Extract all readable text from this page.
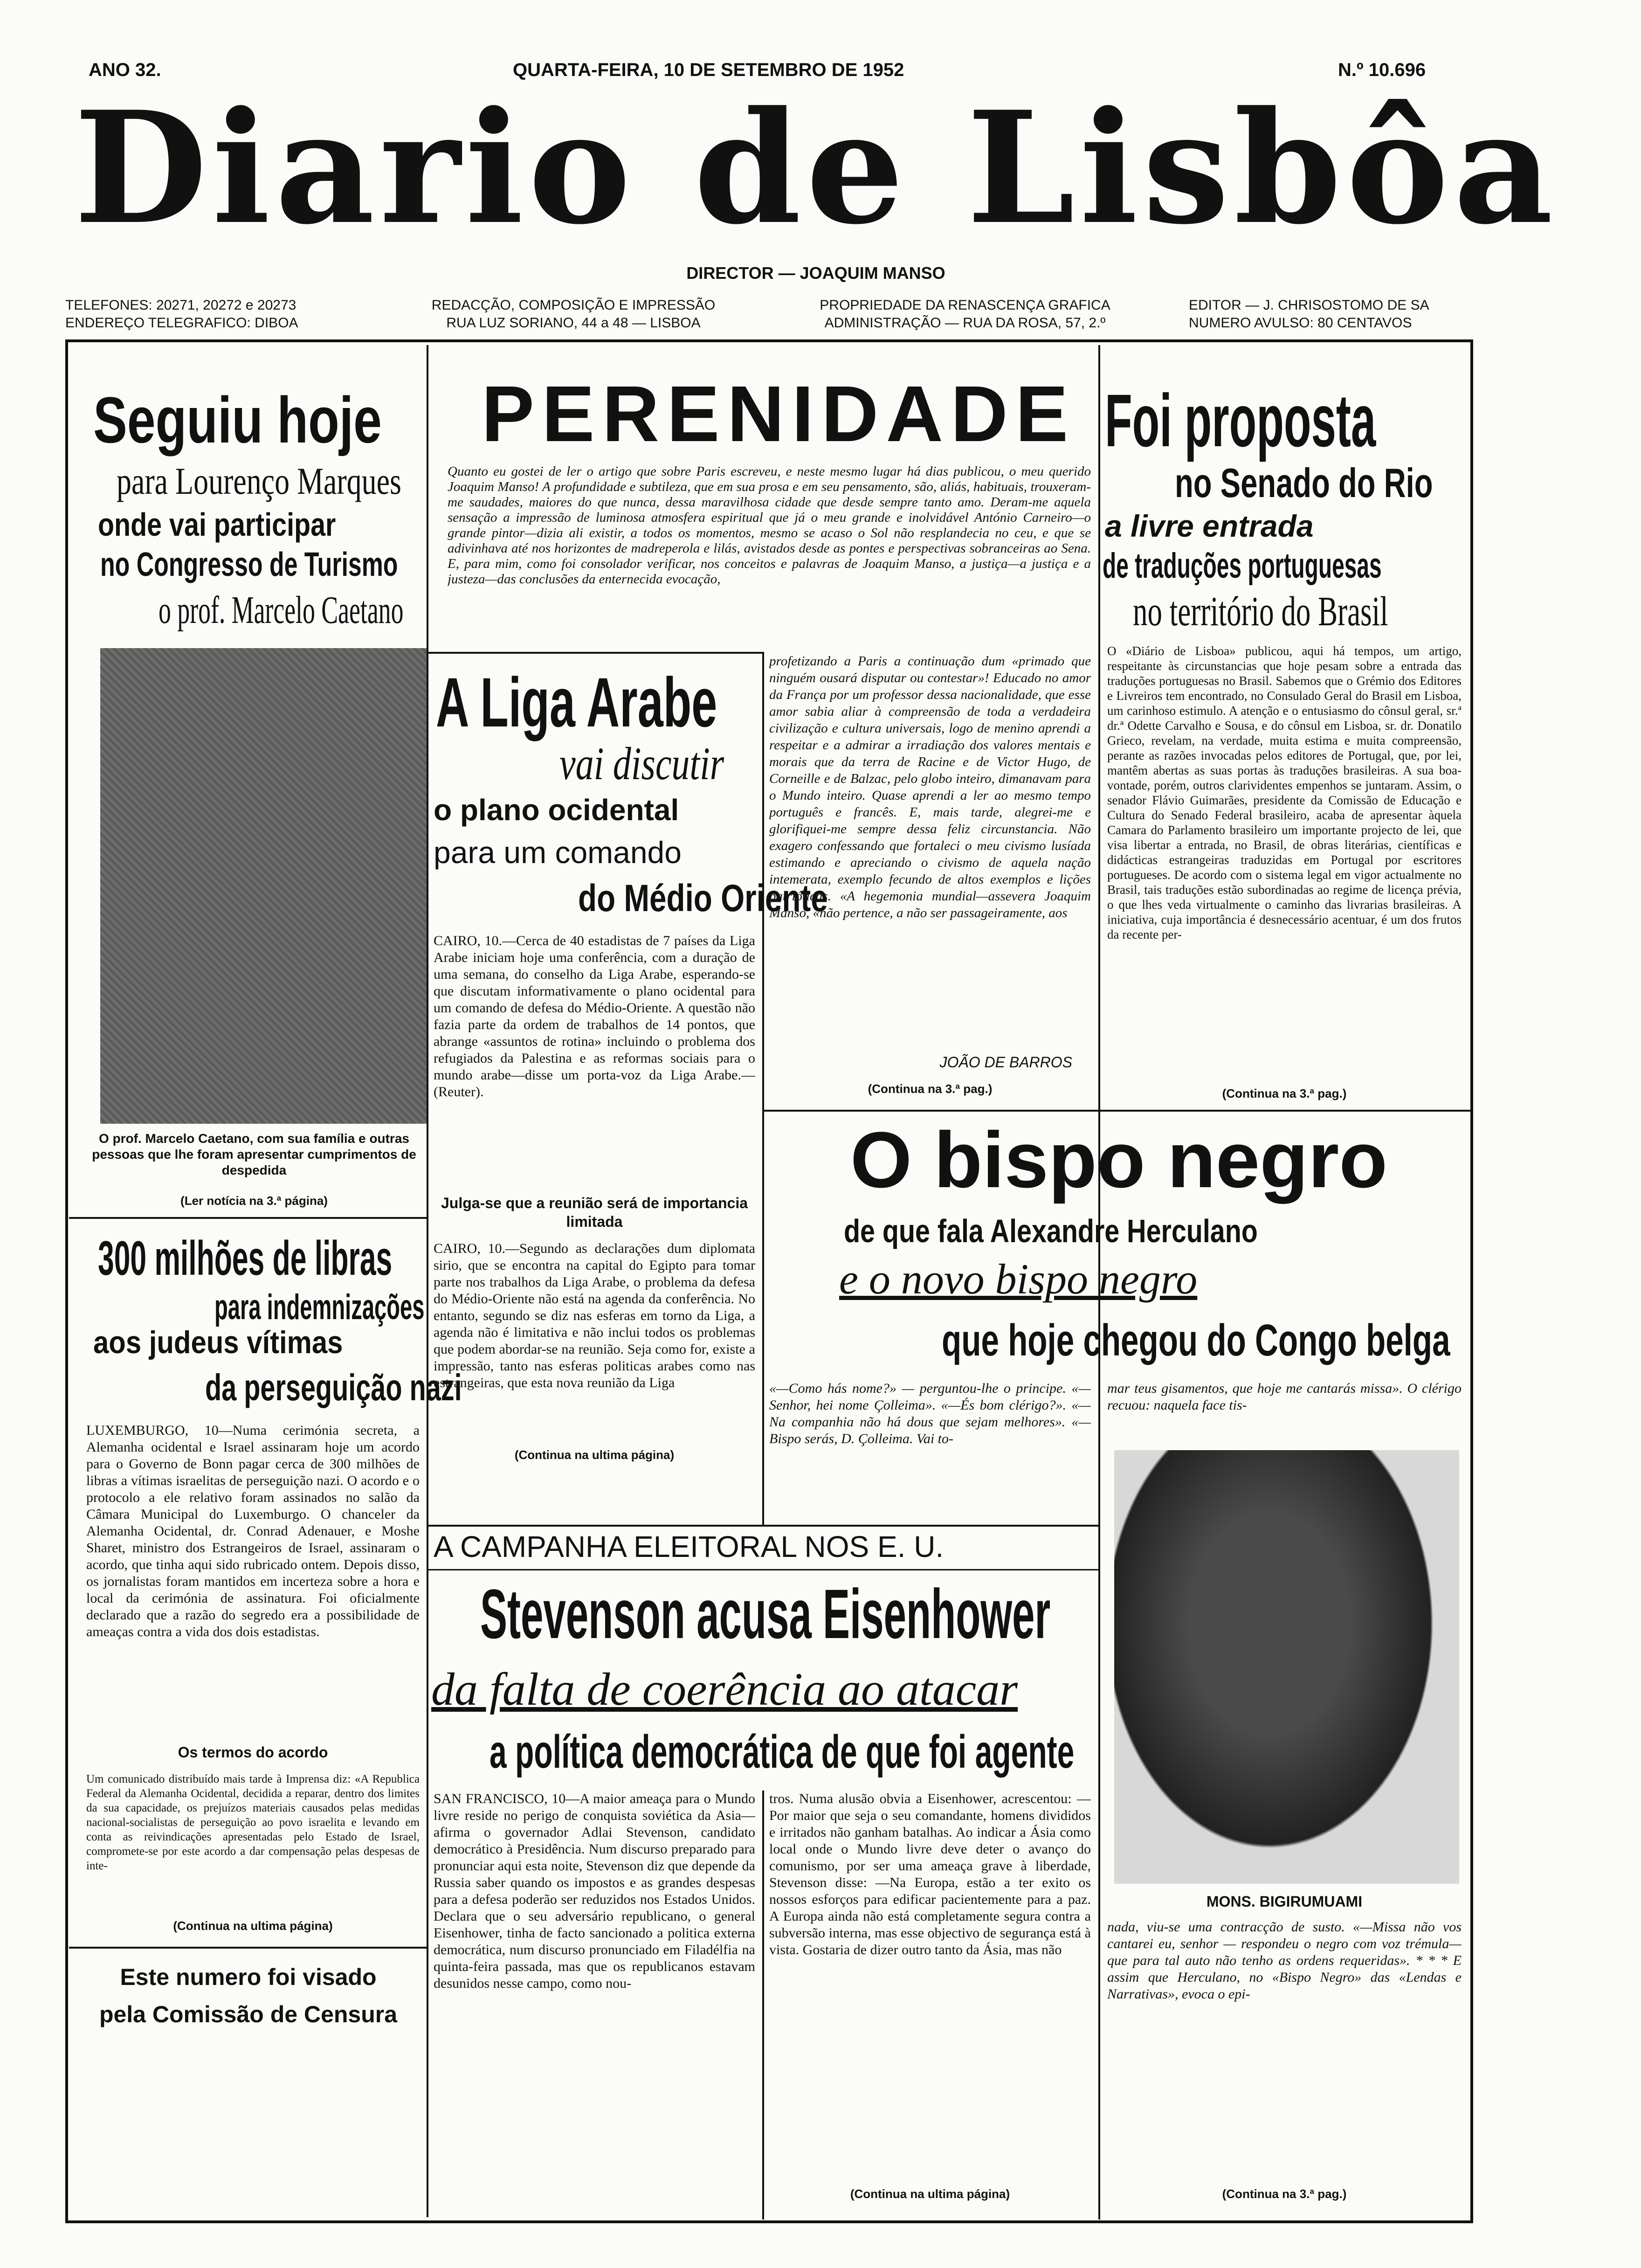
ANO 32.	QUARTA-FEIRA, 10 DE SETEMBRO DE 1952	N.º 10.696
Diario de Lisbôa
DIRECTOR — JOAQUIM MANSO
TELEFONES: 20271, 20272 e 20273
ENDEREÇO TELEGRAFICO: DIBOA
REDACÇÃO, COMPOSIÇÃO E IMPRESSÃO
RUA LUZ SORIANO, 44 a 48 — LISBOA
PROPRIEDADE DA RENASCENÇA GRAFICA
ADMINISTRAÇÃO — RUA DA ROSA, 57, 2.º
EDITOR — J. CHRISOSTOMO DE SA
NUMERO AVULSO: 80 CENTAVOS
Seguiu hoje
para Lourenço Marques
onde vai participar
no Congresso de Turismo
o prof. Marcelo Caetano
O prof. Marcelo Caetano, com sua família e outras pessoas que lhe foram apresentar cumprimentos de despedida
(Ler notícia na 3.ª página)
300 milhões de libras
para indemnizações
aos judeus vítimas
da perseguição nazi
LUXEMBURGO, 10—Numa cerimónia secreta, a Alemanha ocidental e Israel assinaram hoje um acordo para o Governo de Bonn pagar cerca de 300 milhões de libras a vítimas israelitas de perseguição nazi. O acordo e o protocolo a ele relativo foram assinados no salão da Câmara Municipal do Luxemburgo. O chanceler da Alemanha Ocidental, dr. Conrad Adenauer, e Moshe Sharet, ministro dos Estrangeiros de Israel, assinaram o acordo, que tinha aqui sido rubricado ontem. Depois disso, os jornalistas foram mantidos em incerteza sobre a hora e local da cerimónia de assinatura. Foi oficialmente declarado que a razão do segredo era a possibilidade de ameaças contra a vida dos dois estadistas.
Os termos do acordo
Um comunicado distribuído mais tarde à Imprensa diz: «A Republica Federal da Alemanha Ocidental, decidida a reparar, dentro dos limites da sua capacidade, os prejuízos materiais causados pelas medidas nacional-socialistas de perseguição ao povo israelita e levando em conta as reivindicações apresentadas pelo Estado de Israel, compromete-se por este acordo a dar compensação pelas despesas de inte-
(Continua na ultima página)
Este numero foi visado
pela Comissão de Censura
PERENIDADE
Quanto eu gostei de ler o artigo que sobre Paris escreveu, e neste mesmo lugar há dias publicou, o meu querido Joaquim Manso! A profundidade e subtileza, que em sua prosa e em seu pensamento, são, aliás, habituais, trouxeram-me saudades, maiores do que nunca, dessa maravilhosa cidade que desde sempre tanto amo. Deram-me aquela sensação a impressão de luminosa atmosfera espiritual que já o meu grande e inolvidável António Carneiro—o grande pintor—dizia ali existir, a todos os momentos, mesmo se acaso o Sol não resplandecia no ceu, e que se adivinhava até nos horizontes de madreperola e lilás, avistados desde as pontes e perspectivas sobranceiras ao Sena. E, para mim, como foi consolador verificar, nos conceitos e palavras de Joaquim Manso, a justiça—a justiça e a justeza—das conclusões da enternecida evocação,
profetizando a Paris a continuação dum «primado que ninguém ousará disputar ou contestar»! Educado no amor da França por um professor dessa nacionalidade, que esse amor sabia aliar à compreensão de toda a verdadeira civilização e cultura universais, logo de menino aprendi a respeitar e a admirar a irradiação dos valores mentais e morais que da terra de Racine e de Victor Hugo, de Corneille e de Balzac, pelo globo inteiro, dimanavam para o Mundo inteiro. Quase aprendi a ler ao mesmo tempo português e francês. E, mais tarde, alegrei-me e glorifiquei-me sempre dessa feliz circunstancia. Não exagero confessando que fortaleci o meu civismo lusíada estimando e apreciando o civismo de aquela nação intemerata, exemplo fecundo de altos exemplos e lições patrióticas. «A hegemonia mundial—assevera Joaquim Manso, «não pertence, a não ser passageiramente, aos
JOÃO DE BARROS
(Continua na 3.ª pag.)
A Liga Arabe
vai discutir
o plano ocidental
para um comando
do Médio Oriente
CAIRO, 10.—Cerca de 40 estadistas de 7 países da Liga Arabe iniciam hoje uma conferência, com a duração de uma semana, do conselho da Liga Arabe, esperando-se que discutam informativamente o plano ocidental para um comando de defesa do Médio-Oriente. A questão não fazia parte da ordem de trabalhos de 14 pontos, que abrange «assuntos de rotina» incluindo o problema dos refugiados da Palestina e as reformas sociais para o mundo arabe—disse um porta-voz da Liga Arabe.—(Reuter).
Julga-se que a reunião será de importancia limitada
CAIRO, 10.—Segundo as declarações dum diplomata sirio, que se encontra na capital do Egipto para tomar parte nos trabalhos da Liga Arabe, o problema da defesa do Médio-Oriente não está na agenda da conferência. No entanto, segundo se diz nas esferas em torno da Liga, a agenda não é limitativa e não inclui todos os problemas que podem abordar-se na reunião. Seja como for, existe a impressão, tanto nas esferas politicas arabes como nas estrangeiras, que esta nova reunião da Liga
(Continua na ultima página)
Foi proposta
no Senado do Rio
a livre entrada
de traduções portuguesas
no território do Brasil
O «Diário de Lisboa» publicou, aqui há tempos, um artigo, respeitante às circunstancias que hoje pesam sobre a entrada das traduções portuguesas no Brasil. Sabemos que o Grémio dos Editores e Livreiros tem encontrado, no Consulado Geral do Brasil em Lisboa, um carinhoso estimulo. A atenção e o entusiasmo do cônsul geral, sr.ª dr.ª Odette Carvalho e Sousa, e do cônsul em Lisboa, sr. dr. Donatilo Grieco, revelam, na verdade, muita estima e muita compreensão, perante as razões invocadas pelos editores de Portugal, que, por lei, mantêm abertas as suas portas às traduções brasileiras. A sua boa-vontade, porém, outros clarividentes empenhos se juntaram. Assim, o senador Flávio Guimarães, presidente da Comissão de Educação e Cultura do Senado Federal brasileiro, acaba de apresentar àquela Camara do Parlamento brasileiro um importante projecto de lei, que visa libertar a entrada, no Brasil, de obras literárias, científicas e didácticas estrangeiras traduzidas em Portugal por escritores portugueses. De acordo com o sistema legal em vigor actualmente no Brasil, tais traduções estão subordinadas ao regime de licença prévia, o que lhes veda virtualmente o caminho das livrarias brasileiras. A iniciativa, cuja importância é desnecessário acentuar, é um dos frutos da recente per-
(Continua na 3.ª pag.)
O bispo negro
de que fala Alexandre Herculano
e o novo bispo negro
que hoje chegou do Congo belga
«—Como hás nome?» — perguntou-lhe o principe. «—Senhor, hei nome Çolleima». «—És bom clérigo?». «—Na companhia não há dous que sejam melhores». «—Bispo serás, D. Çolleima. Vai to-
mar teus gisamentos, que hoje me cantarás missa». O clérigo recuou: naquela face tis-
MONS. BIGIRUMUAMI
nada, viu-se uma contracção de susto. «—Missa não vos cantarei eu, senhor — respondeu o negro com voz trémula—que para tal auto não tenho as ordens requeridas». * * * E assim que Herculano, no «Bispo Negro» das «Lendas e Narrativas», evoca o epi-
(Continua na 3.ª pag.)
A CAMPANHA ELEITORAL NOS E. U.
Stevenson acusa Eisenhower
da falta de coerência ao atacar
a política democrática de que foi agente
SAN FRANCISCO, 10—A maior ameaça para o Mundo livre reside no perigo de conquista soviética da Asia—afirma o governador Adlai Stevenson, candidato democrático à Presidência. Num discurso preparado para pronunciar aqui esta noite, Stevenson diz que depende da Russia saber quando os impostos e as grandes despesas para a defesa poderão ser reduzidos nos Estados Unidos. Declara que o seu adversário republicano, o general Eisenhower, tinha de facto sancionado a politica externa democrática, num discurso pronunciado em Filadélfia na quinta-feira passada, mas que os republicanos estavam desunidos nesse campo, como nou-
tros. Numa alusão obvia a Eisenhower, acrescentou: —Por maior que seja o seu comandante, homens divididos e irritados não ganham batalhas. Ao indicar a Ásia como local onde o Mundo livre deve deter o avanço do comunismo, por ser uma ameaça grave à liberdade, Stevenson disse: —Na Europa, estão a ter exito os nossos esforços para edificar pacientemente para a paz. A Europa ainda não está completamente segura contra a subversão interna, mas esse objectivo de segurança está à vista. Gostaria de dizer outro tanto da Ásia, mas não
(Continua na ultima página)
